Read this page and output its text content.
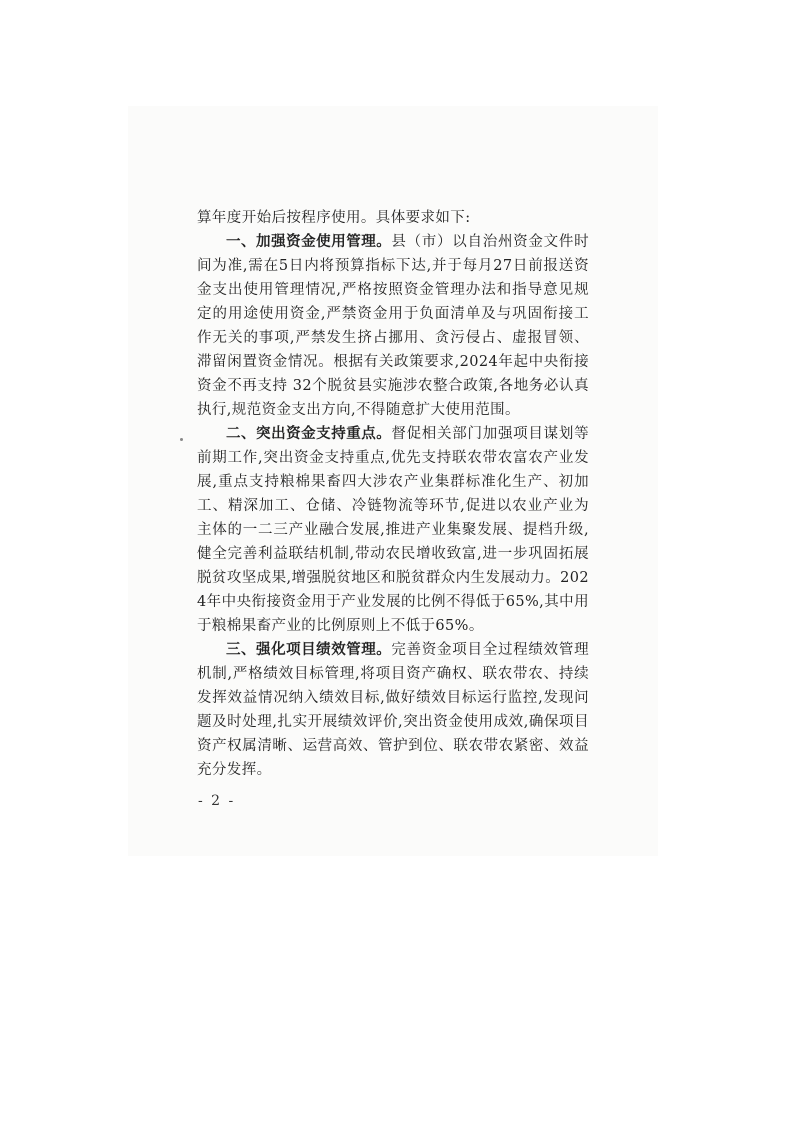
算年度开始后按程序使用。具体要求如下:

一、加强资金使用管理。县（市）以自治州资金文件时间为准,需在5日内将预算指标下达,并于每月27日前报送资金支出使用管理情况,严格按照资金管理办法和指导意见规定的用途使用资金,严禁资金用于负面清单及与巩固衔接工作无关的事项,严禁发生挤占挪用、贪污侵占、虚报冒领、滞留闲置资金情况。根据有关政策要求,2024年起中央衔接资金不再支持 32个脱贫县实施涉农整合政策,各地务必认真执行,规范资金支出方向,不得随意扩大使用范围。

二、突出资金支持重点。督促相关部门加强项目谋划等前期工作,突出资金支持重点,优先支持联农带农富农产业发展,重点支持粮棉果畜四大涉农产业集群标准化生产、初加工、精深加工、仓储、冷链物流等环节,促进以农业产业为主体的一二三产业融合发展,推进产业集聚发展、提档升级,健全完善利益联结机制,带动农民增收致富,进一步巩固拓展脱贫攻坚成果,增强脱贫地区和脱贫群众内生发展动力。2024年中央衔接资金用于产业发展的比例不得低于65%,其中用于粮棉果畜产业的比例原则上不低于65%。

三、强化项目绩效管理。完善资金项目全过程绩效管理机制,严格绩效目标管理,将项目资产确权、联农带农、持续发挥效益情况纳入绩效目标,做好绩效目标运行监控,发现问题及时处理,扎实开展绩效评价,突出资金使用成效,确保项目资产权属清晰、运营高效、管护到位、联农带农紧密、效益充分发挥。

- 2 -
